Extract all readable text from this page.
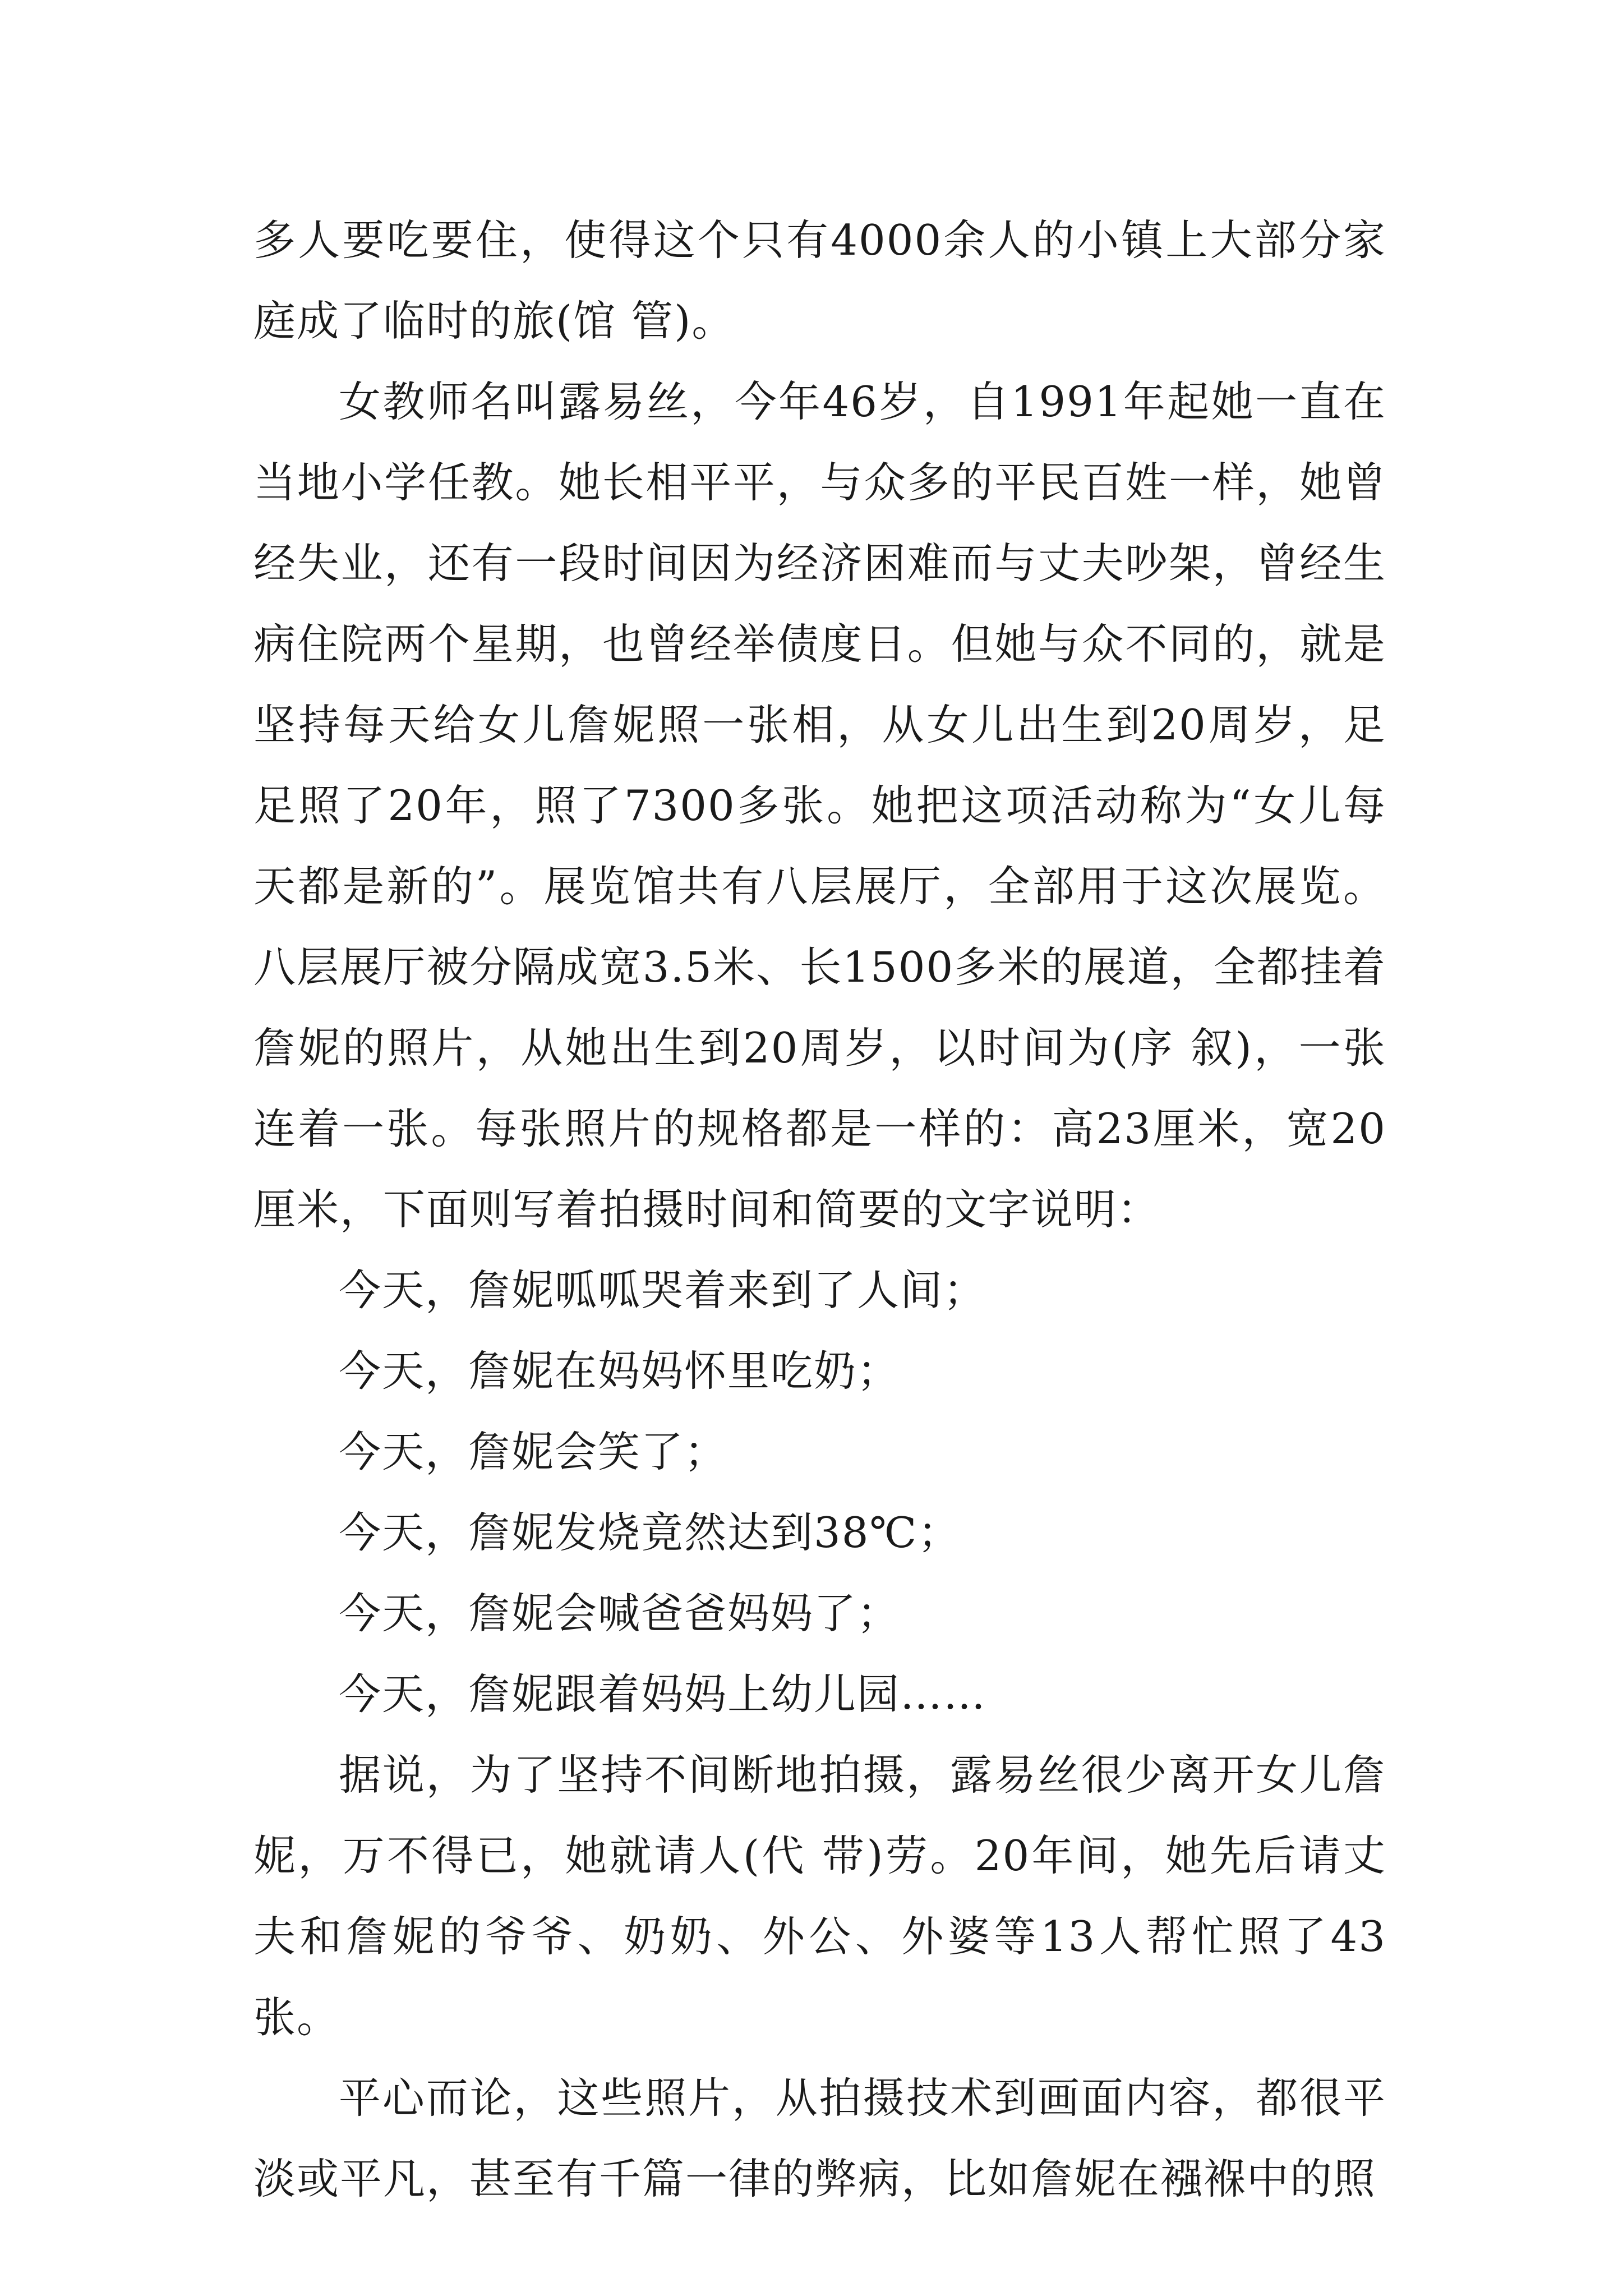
多人要吃要住，使得这个只有4000余人的小镇上大部分家庭成了临时的旅(馆 管)。

女教师名叫露易丝，今年46岁，自1991年起她一直在当地小学任教。她长相平平，与众多的平民百姓一样，她曾经失业，还有一段时间因为经济困难而与丈夫吵架，曾经生病住院两个星期，也曾经举债度日。但她与众不同的，就是坚持每天给女儿詹妮照一张相，从女儿出生到20周岁，足足照了20年，照了7300多张。她把这项活动称为“女儿每天都是新的”。展览馆共有八层展厅，全部用于这次展览。八层展厅被分隔成宽3.5米、长1500多米的展道，全都挂着詹妮的照片，从她出生到20周岁，以时间为(序 叙)，一张连着一张。每张照片的规格都是一样的：高23厘米，宽20厘米，下面则写着拍摄时间和简要的文字说明：

今天，詹妮呱呱哭着来到了人间；

今天，詹妮在妈妈怀里吃奶；

今天，詹妮会笑了；

今天，詹妮发烧竟然达到38℃；

今天，詹妮会喊爸爸妈妈了；

今天，詹妮跟着妈妈上幼儿园……

据说，为了坚持不间断地拍摄，露易丝很少离开女儿詹妮，万不得已，她就请人(代 带)劳。20年间，她先后请丈夫和詹妮的爷爷、奶奶、外公、外婆等13人帮忙照了43张。

平心而论，这些照片，从拍摄技术到画面内容，都很平淡或平凡，甚至有千篇一律的弊病，比如詹妮在襁褓中的照
